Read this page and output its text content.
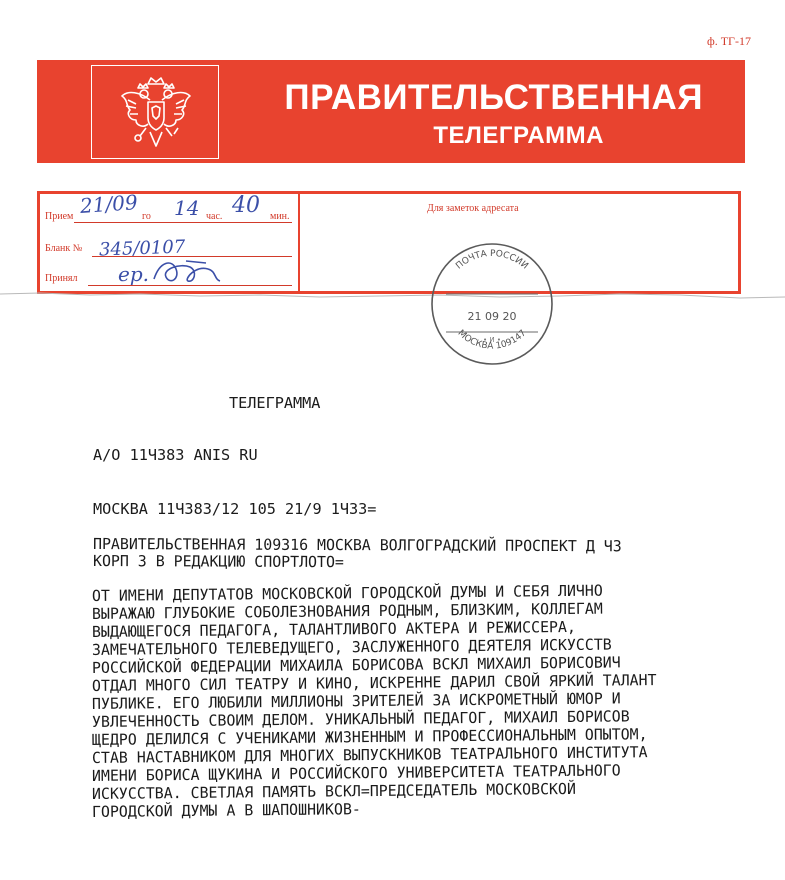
ф. ТГ-17
ПРАВИТЕЛЬСТВЕННАЯ
ТЕЛЕГРАММА
Прием 21/09 го 14 час. 40 мин.
Бланк № 345/0107
Принял ер.
Для заметок адресата
ПОЧТА РОССИИ
21 09 20
• И •
МОСКВА 109147
ТЕЛЕГРАММА
А/О 11Ч383 ANIS RU
МОСКВА 11Ч383/12 105 21/9 1Ч33=
ПРАВИТЕЛЬСТВЕННАЯ 109316 МОСКВА ВОЛГОГРАДСКИЙ ПРОСПЕКТ Д Ч3
КОРП 3 В РЕДАКЦИЮ СПОРТЛОТО=
ОТ ИМЕНИ ДЕПУТАТОВ МОСКОВСКОЙ ГОРОДСКОЙ ДУМЫ И СЕБЯ ЛИЧНО
ВЫРАЖАЮ ГЛУБОКИЕ СОБОЛЕЗНОВАНИЯ РОДНЫМ, БЛИЗКИМ, КОЛЛЕГАМ
ВЫДАЮЩЕГОСЯ ПЕДАГОГА, ТАЛАНТЛИВОГО АКТЕРА И РЕЖИССЕРА,
ЗАМЕЧАТЕЛЬНОГО ТЕЛЕВЕДУЩЕГО, ЗАСЛУЖЕННОГО ДЕЯТЕЛЯ ИСКУССТВ
РОССИЙСКОЙ ФЕДЕРАЦИИ МИХАИЛА БОРИСОВА ВСКЛ МИХАИЛ БОРИСОВИЧ
ОТДАЛ МНОГО СИЛ ТЕАТРУ И КИНО, ИСКРЕННЕ ДАРИЛ СВОЙ ЯРКИЙ ТАЛАНТ
ПУБЛИКЕ. ЕГО ЛЮБИЛИ МИЛЛИОНЫ ЗРИТЕЛЕЙ ЗА ИСКРОМЕТНЫЙ ЮМОР И
УВЛЕЧЕННОСТЬ СВОИМ ДЕЛОМ. УНИКАЛЬНЫЙ ПЕДАГОГ, МИХАИЛ БОРИСОВ
ЩЕДРО ДЕЛИЛСЯ С УЧЕНИКАМИ ЖИЗНЕННЫМ И ПРОФЕССИОНАЛЬНЫМ ОПЫТОМ,
СТАВ НАСТАВНИКОМ ДЛЯ МНОГИХ ВЫПУСКНИКОВ ТЕАТРАЛЬНОГО ИНСТИТУТА
ИМЕНИ БОРИСА ЩУКИНА И РОССИЙСКОГО УНИВЕРСИТЕТА ТЕАТРАЛЬНОГО
ИСКУССТВА. СВЕТЛАЯ ПАМЯТЬ ВСКЛ=ПРЕДСЕДАТЕЛЬ МОСКОВСКОЙ
ГОРОДСКОЙ ДУМЫ А В ШАПОШНИКОВ-
